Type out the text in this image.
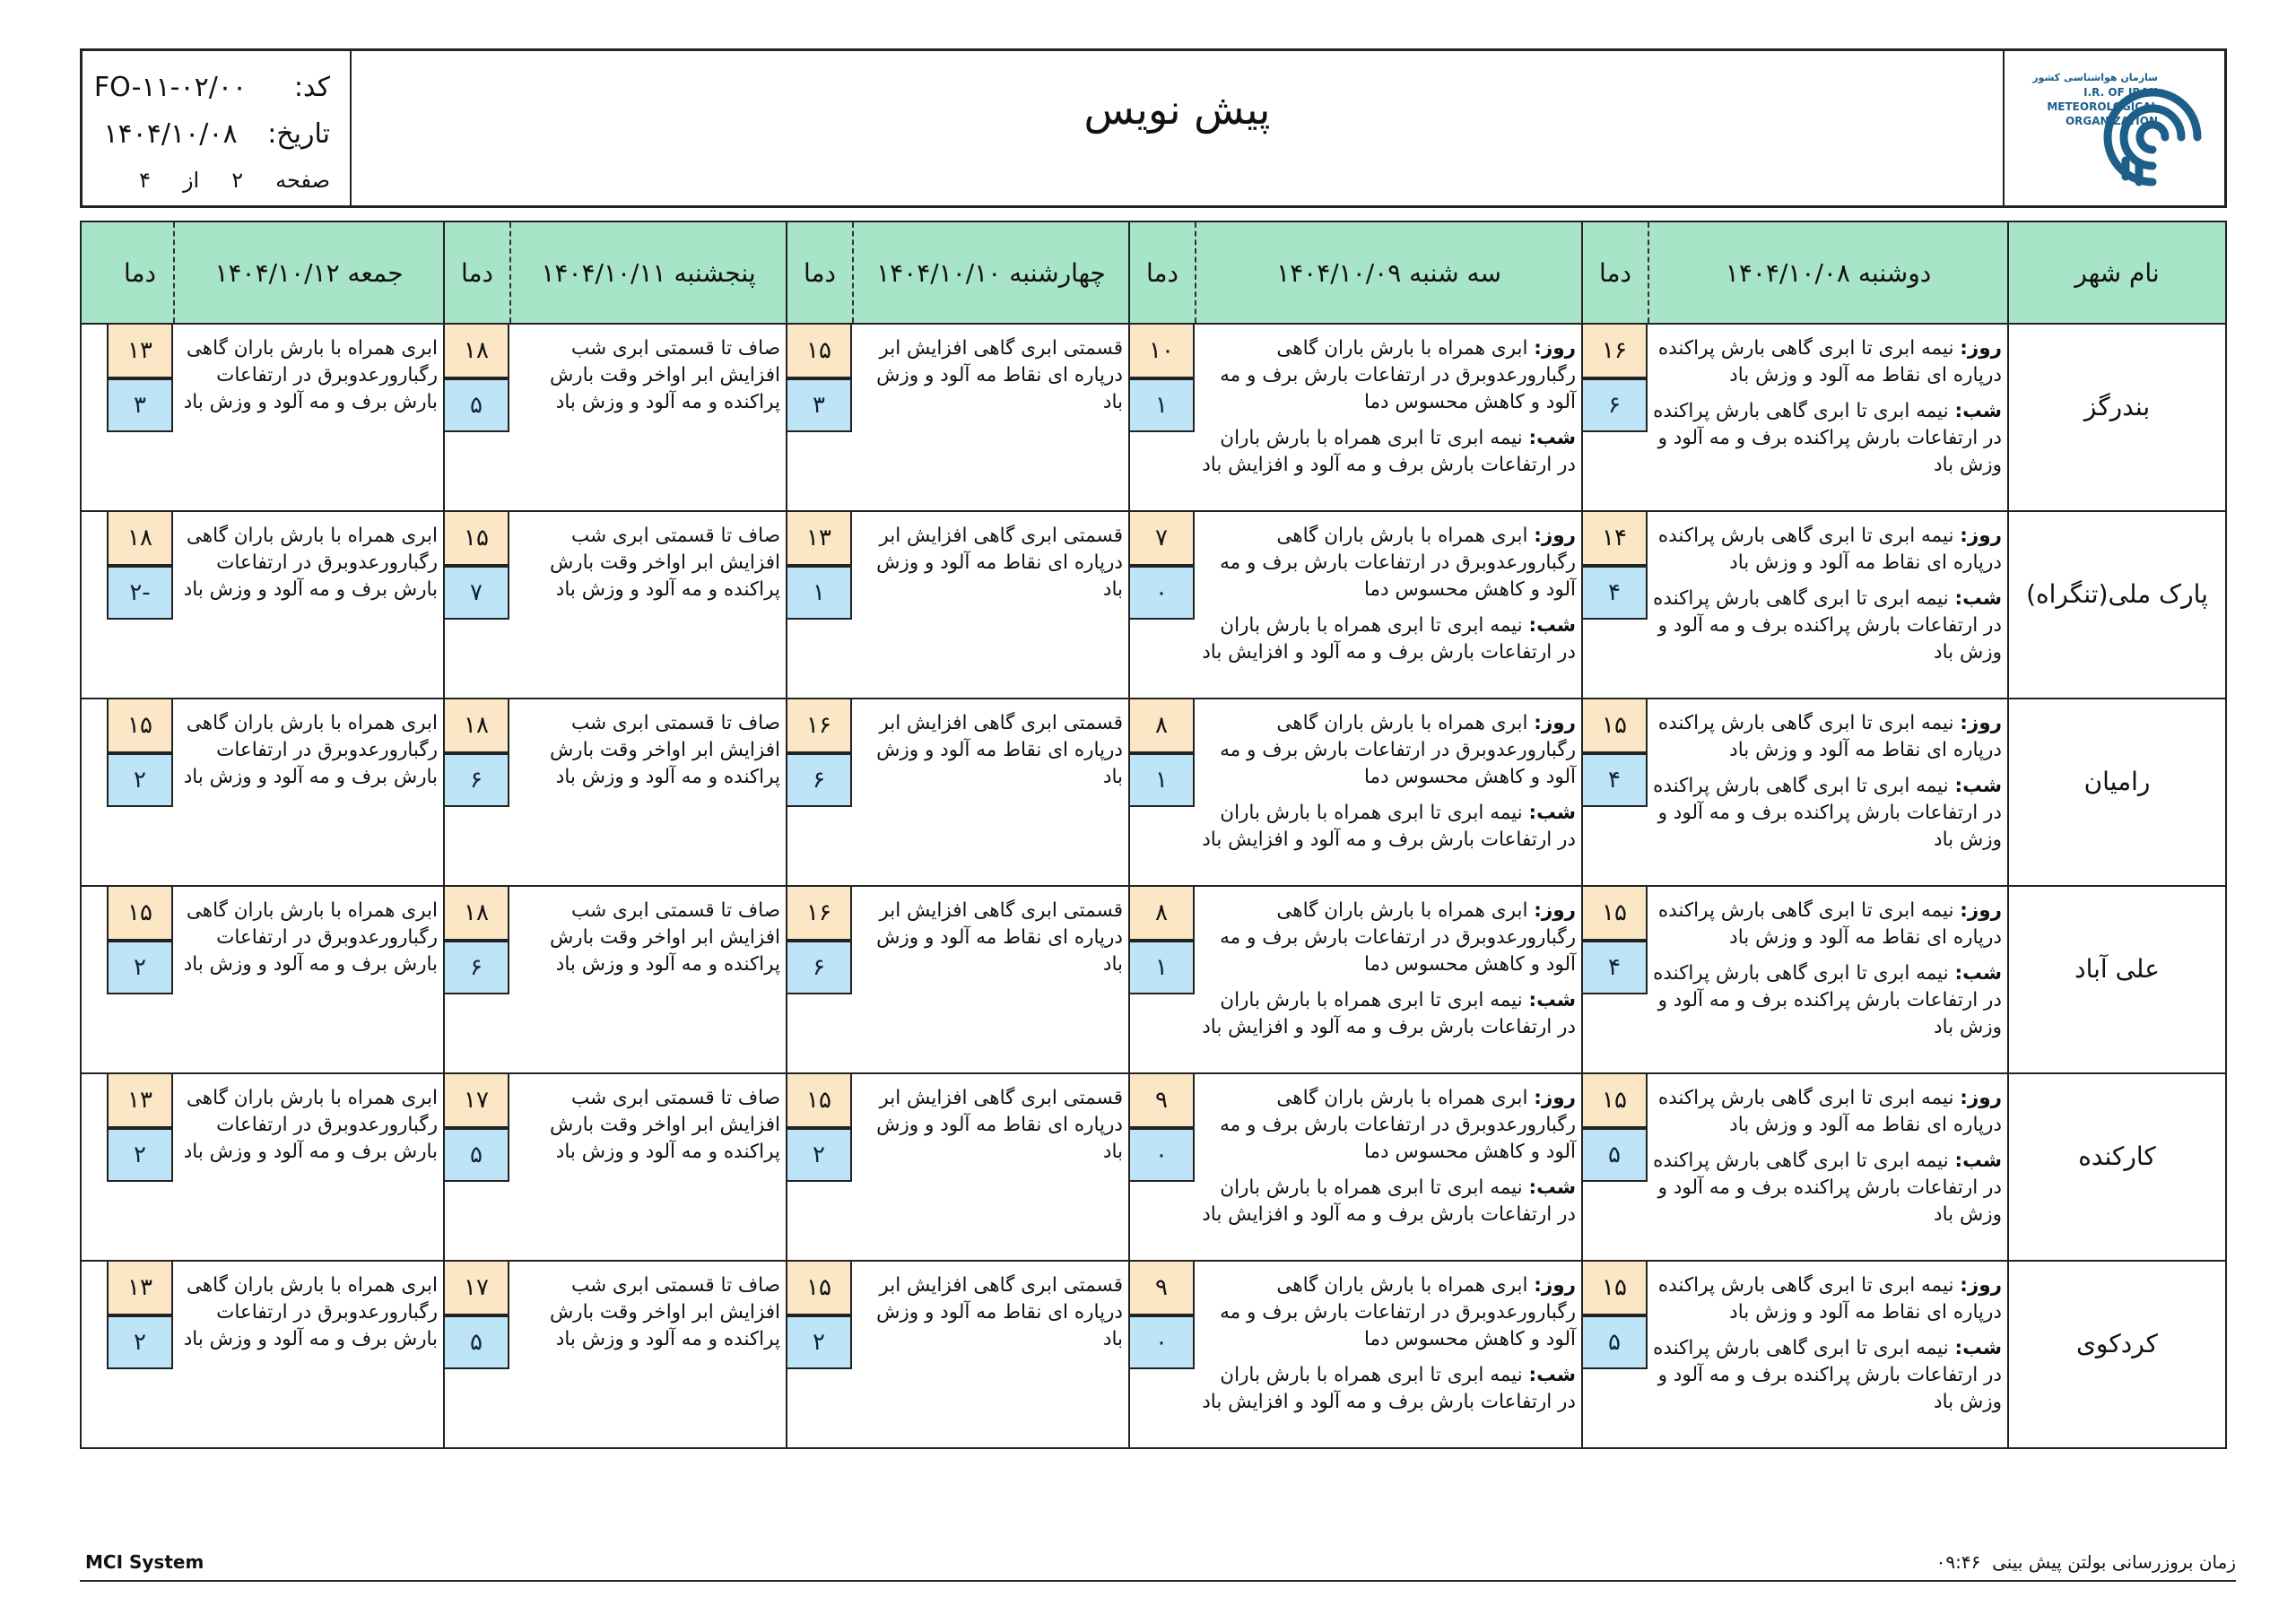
سازمان هواشناسی کشور
I.R. OF IRAN
METEOROLOGICAL
ORGANIZATION
پیش نویس
کد:
FO-۱۱-۰۲/۰۰
تاریخ:
۱۴۰۴/۱۰/۰۸
صفحه
۲
از
۴
نام شهر
دوشنبه ۱۴۰۴/۱۰/۰۸
دما
سه شنبه ۱۴۰۴/۱۰/۰۹
دما
چهارشنبه ۱۴۰۴/۱۰/۱۰
دما
پنجشنبه ۱۴۰۴/۱۰/۱۱
دما
جمعه ۱۴۰۴/۱۰/۱۲
دما
بندرگز

روز: نیمه ابری تا ابری گاهی بارش پراکنده درپاره ای نقاط مه آلود و وزش باد

شب: نیمه ابری تا ابری گاهی بارش پراکنده در ارتفاعات بارش پراکنده برف و مه آلود و وزش باد

۱۶
۶

روز: ابری همراه با بارش باران گاهی رگبارورعدوبرق در ارتفاعات بارش برف و مه آلود و کاهش محسوس دما

شب: نیمه ابری تا ابری همراه با بارش باران در ارتفاعات بارش برف و مه آلود و افزایش باد

۱۰
۱
قسمتی ابری گاهی افزایش ابر درپاره ای نقاط مه آلود و وزش باد
۱۵
۳
صاف تا قسمتی ابری شب افزایش ابر اواخر وقت بارش پراکنده و مه آلود و وزش باد
۱۸
۵
ابری همراه با بارش باران گاهی رگبارورعدوبرق در ارتفاعات بارش برف و مه آلود و وزش باد
۱۳
۳
پارک ملی(تنگراه)

روز: نیمه ابری تا ابری گاهی بارش پراکنده درپاره ای نقاط مه آلود و وزش باد

شب: نیمه ابری تا ابری گاهی بارش پراکنده در ارتفاعات بارش پراکنده برف و مه آلود و وزش باد

۱۴
۴

روز: ابری همراه با بارش باران گاهی رگبارورعدوبرق در ارتفاعات بارش برف و مه آلود و کاهش محسوس دما

شب: نیمه ابری تا ابری همراه با بارش باران در ارتفاعات بارش برف و مه آلود و افزایش باد

۷
۰
قسمتی ابری گاهی افزایش ابر درپاره ای نقاط مه آلود و وزش باد
۱۳
۱
صاف تا قسمتی ابری شب افزایش ابر اواخر وقت بارش پراکنده و مه آلود و وزش باد
۱۵
۷
ابری همراه با بارش باران گاهی رگبارورعدوبرق در ارتفاعات بارش برف و مه آلود و وزش باد
۱۸
-۲
رامیان

روز: نیمه ابری تا ابری گاهی بارش پراکنده درپاره ای نقاط مه آلود و وزش باد

شب: نیمه ابری تا ابری گاهی بارش پراکنده در ارتفاعات بارش پراکنده برف و مه آلود و وزش باد

۱۵
۴

روز: ابری همراه با بارش باران گاهی رگبارورعدوبرق در ارتفاعات بارش برف و مه آلود و کاهش محسوس دما

شب: نیمه ابری تا ابری همراه با بارش باران در ارتفاعات بارش برف و مه آلود و افزایش باد

۸
۱
قسمتی ابری گاهی افزایش ابر درپاره ای نقاط مه آلود و وزش باد
۱۶
۶
صاف تا قسمتی ابری شب افزایش ابر اواخر وقت بارش پراکنده و مه آلود و وزش باد
۱۸
۶
ابری همراه با بارش باران گاهی رگبارورعدوبرق در ارتفاعات بارش برف و مه آلود و وزش باد
۱۵
۲
علی آباد

روز: نیمه ابری تا ابری گاهی بارش پراکنده درپاره ای نقاط مه آلود و وزش باد

شب: نیمه ابری تا ابری گاهی بارش پراکنده در ارتفاعات بارش پراکنده برف و مه آلود و وزش باد

۱۵
۴

روز: ابری همراه با بارش باران گاهی رگبارورعدوبرق در ارتفاعات بارش برف و مه آلود و کاهش محسوس دما

شب: نیمه ابری تا ابری همراه با بارش باران در ارتفاعات بارش برف و مه آلود و افزایش باد

۸
۱
قسمتی ابری گاهی افزایش ابر درپاره ای نقاط مه آلود و وزش باد
۱۶
۶
صاف تا قسمتی ابری شب افزایش ابر اواخر وقت بارش پراکنده و مه آلود و وزش باد
۱۸
۶
ابری همراه با بارش باران گاهی رگبارورعدوبرق در ارتفاعات بارش برف و مه آلود و وزش باد
۱۵
۲
کارکنده

روز: نیمه ابری تا ابری گاهی بارش پراکنده درپاره ای نقاط مه آلود و وزش باد

شب: نیمه ابری تا ابری گاهی بارش پراکنده در ارتفاعات بارش پراکنده برف و مه آلود و وزش باد

۱۵
۵

روز: ابری همراه با بارش باران گاهی رگبارورعدوبرق در ارتفاعات بارش برف و مه آلود و کاهش محسوس دما

شب: نیمه ابری تا ابری همراه با بارش باران در ارتفاعات بارش برف و مه آلود و افزایش باد

۹
۰
قسمتی ابری گاهی افزایش ابر درپاره ای نقاط مه آلود و وزش باد
۱۵
۲
صاف تا قسمتی ابری شب افزایش ابر اواخر وقت بارش پراکنده و مه آلود و وزش باد
۱۷
۵
ابری همراه با بارش باران گاهی رگبارورعدوبرق در ارتفاعات بارش برف و مه آلود و وزش باد
۱۳
۲
کردکوی

روز: نیمه ابری تا ابری گاهی بارش پراکنده درپاره ای نقاط مه آلود و وزش باد

شب: نیمه ابری تا ابری گاهی بارش پراکنده در ارتفاعات بارش پراکنده برف و مه آلود و وزش باد

۱۵
۵

روز: ابری همراه با بارش باران گاهی رگبارورعدوبرق در ارتفاعات بارش برف و مه آلود و کاهش محسوس دما

شب: نیمه ابری تا ابری همراه با بارش باران در ارتفاعات بارش برف و مه آلود و افزایش باد

۹
۰
قسمتی ابری گاهی افزایش ابر درپاره ای نقاط مه آلود و وزش باد
۱۵
۲
صاف تا قسمتی ابری شب افزایش ابر اواخر وقت بارش پراکنده و مه آلود و وزش باد
۱۷
۵
ابری همراه با بارش باران گاهی رگبارورعدوبرق در ارتفاعات بارش برف و مه آلود و وزش باد
۱۳
۲
MCI System	زمان بروزرسانی بولتن پیش بینی  ۰۹:۴۶
